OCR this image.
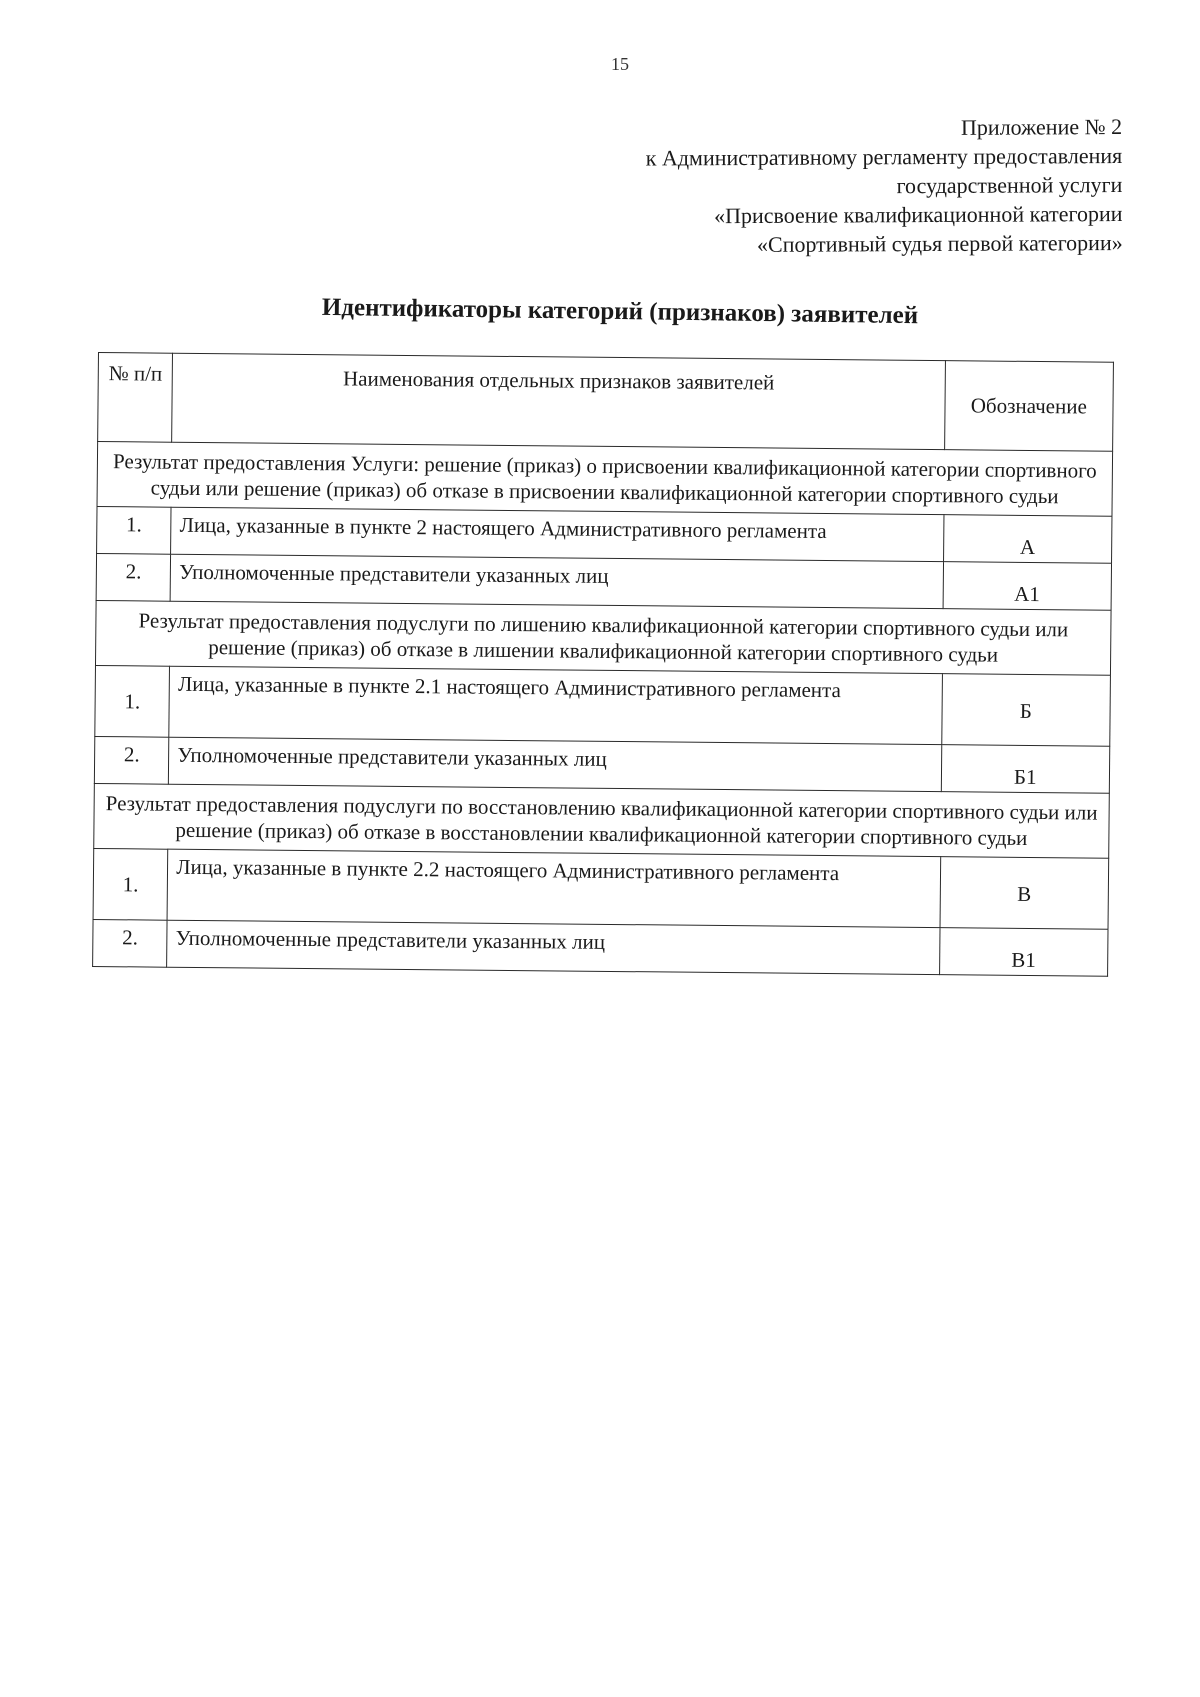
15
Приложение № 2
к Административному регламенту предоставления
государственной услуги
«Присвоение квалификационной категории
«Спортивный судья первой категории»
Идентификаторы категорий (признаков) заявителей
№ п/п	Наименования отдельных признаков заявителей	Обозначение
Результат предоставления Услуги: решение (приказ) о присвоении квалификационной категории спортивного судьи или решение (приказ) об отказе в присвоении квалификационной категории спортивного судьи		
1.	Лица, указанные в пункте 2 настоящего Административного регламента	А
2.	Уполномоченные представители указанных лиц	А1
Результат предоставления подуслуги по лишению квалификационной категории спортивного судьи или решение (приказ) об отказе в лишении квалификационной категории спортивного судьи		
1.	Лица, указанные в пункте 2.1 настоящего Административного регламента	Б
2.	Уполномоченные представители указанных лиц	Б1
Результат предоставления подуслуги по восстановлению квалификационной категории спортивного судьи или решение (приказ) об отказе в восстановлении квалификационной категории спортивного судьи		
1.	Лица, указанные в пункте 2.2 настоящего Административного регламента	В
2.	Уполномоченные представители указанных лиц	В1
